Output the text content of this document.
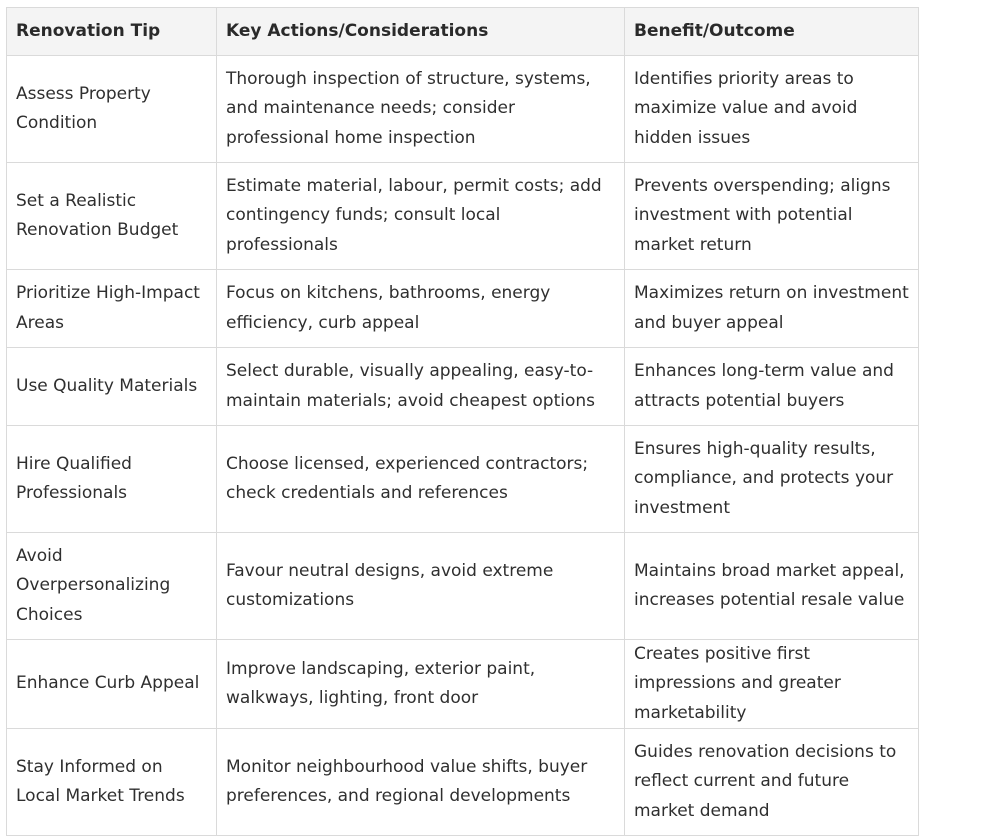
Renovation Tip	Key Actions/Considerations	Benefit/Outcome
Assess Property Condition	Thorough inspection of structure, systems, and maintenance needs; consider professional home inspection	Identifies priority areas to maximize value and avoid hidden issues
Set a Realistic Renovation Budget	Estimate material, labour, permit costs; add contingency funds; consult local professionals	Prevents overspending; aligns investment with potential market return
Prioritize High-Impact Areas	Focus on kitchens, bathrooms, energy efficiency, curb appeal	Maximizes return on investment and buyer appeal
Use Quality Materials	Select durable, visually appealing, easy-to-maintain materials; avoid cheapest options	Enhances long-term value and attracts potential buyers
Hire Qualified Professionals	Choose licensed, experienced contractors; check credentials and references	Ensures high-quality results, compliance, and protects your investment
Avoid Overpersonalizing Choices	Favour neutral designs, avoid extreme customizations	Maintains broad market appeal, increases potential resale value
Enhance Curb Appeal	Improve landscaping, exterior paint, walkways, lighting, front door	Creates positive first impressions and greater marketability
Stay Informed on Local Market Trends	Monitor neighbourhood value shifts, buyer preferences, and regional developments	Guides renovation decisions to reflect current and future market demand
